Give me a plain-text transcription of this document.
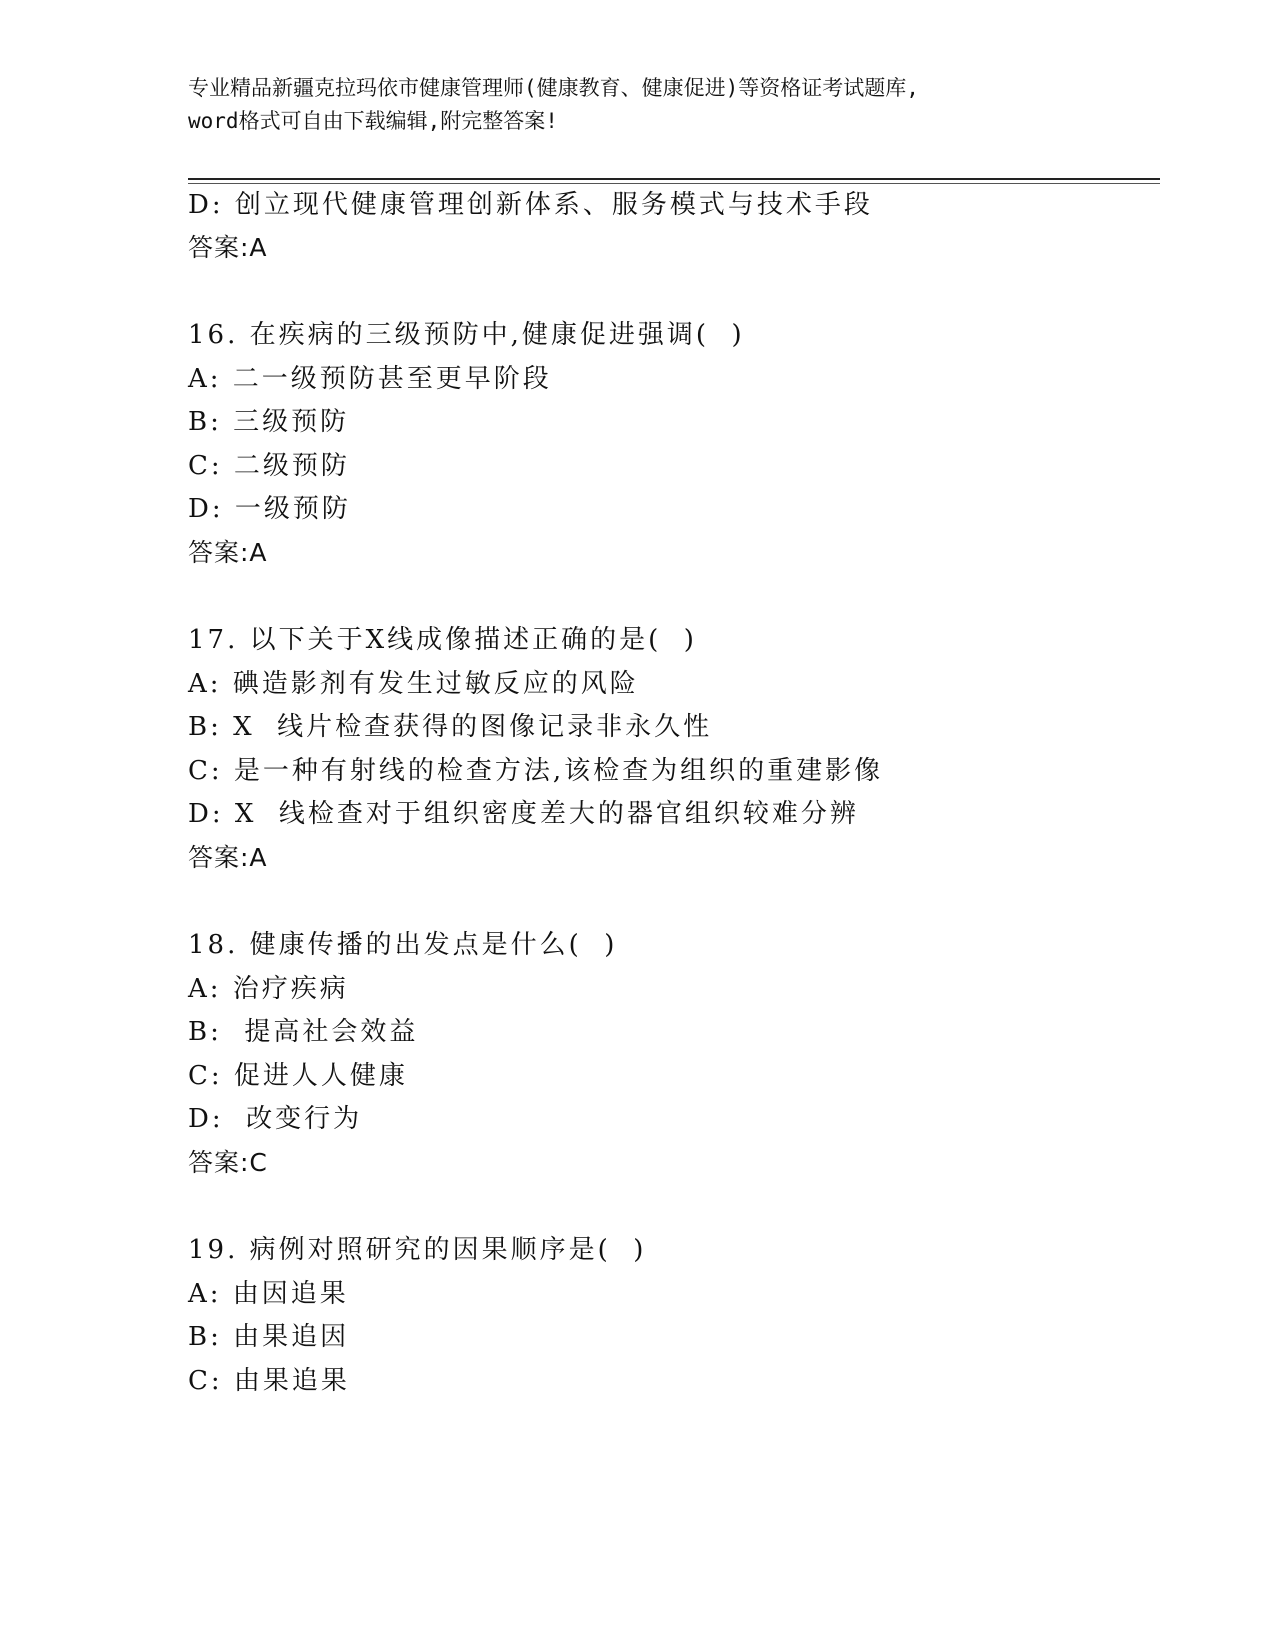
专业精品新疆克拉玛依市健康管理师(健康教育、健康促进)等资格证考试题库,
word格式可自由下载编辑,附完整答案!
D: 创立现代健康管理创新体系、服务模式与技术手段
答案:A
16. 在疾病的三级预防中,健康促进强调(  )
A: 二一级预防甚至更早阶段
B: 三级预防
C: 二级预防
D: 一级预防
答案:A
17. 以下关于X线成像描述正确的是(  )
A: 碘造影剂有发生过敏反应的风险
B: X  线片检查获得的图像记录非永久性
C: 是一种有射线的检查方法,该检查为组织的重建影像
D: X  线检查对于组织密度差大的器官组织较难分辨
答案:A
18. 健康传播的出发点是什么(  )
A: 治疗疾病
B:  提高社会效益
C: 促进人人健康
D:  改变行为
答案:C
19. 病例对照研究的因果顺序是(  )
A: 由因追果
B: 由果追因
C: 由果追果
